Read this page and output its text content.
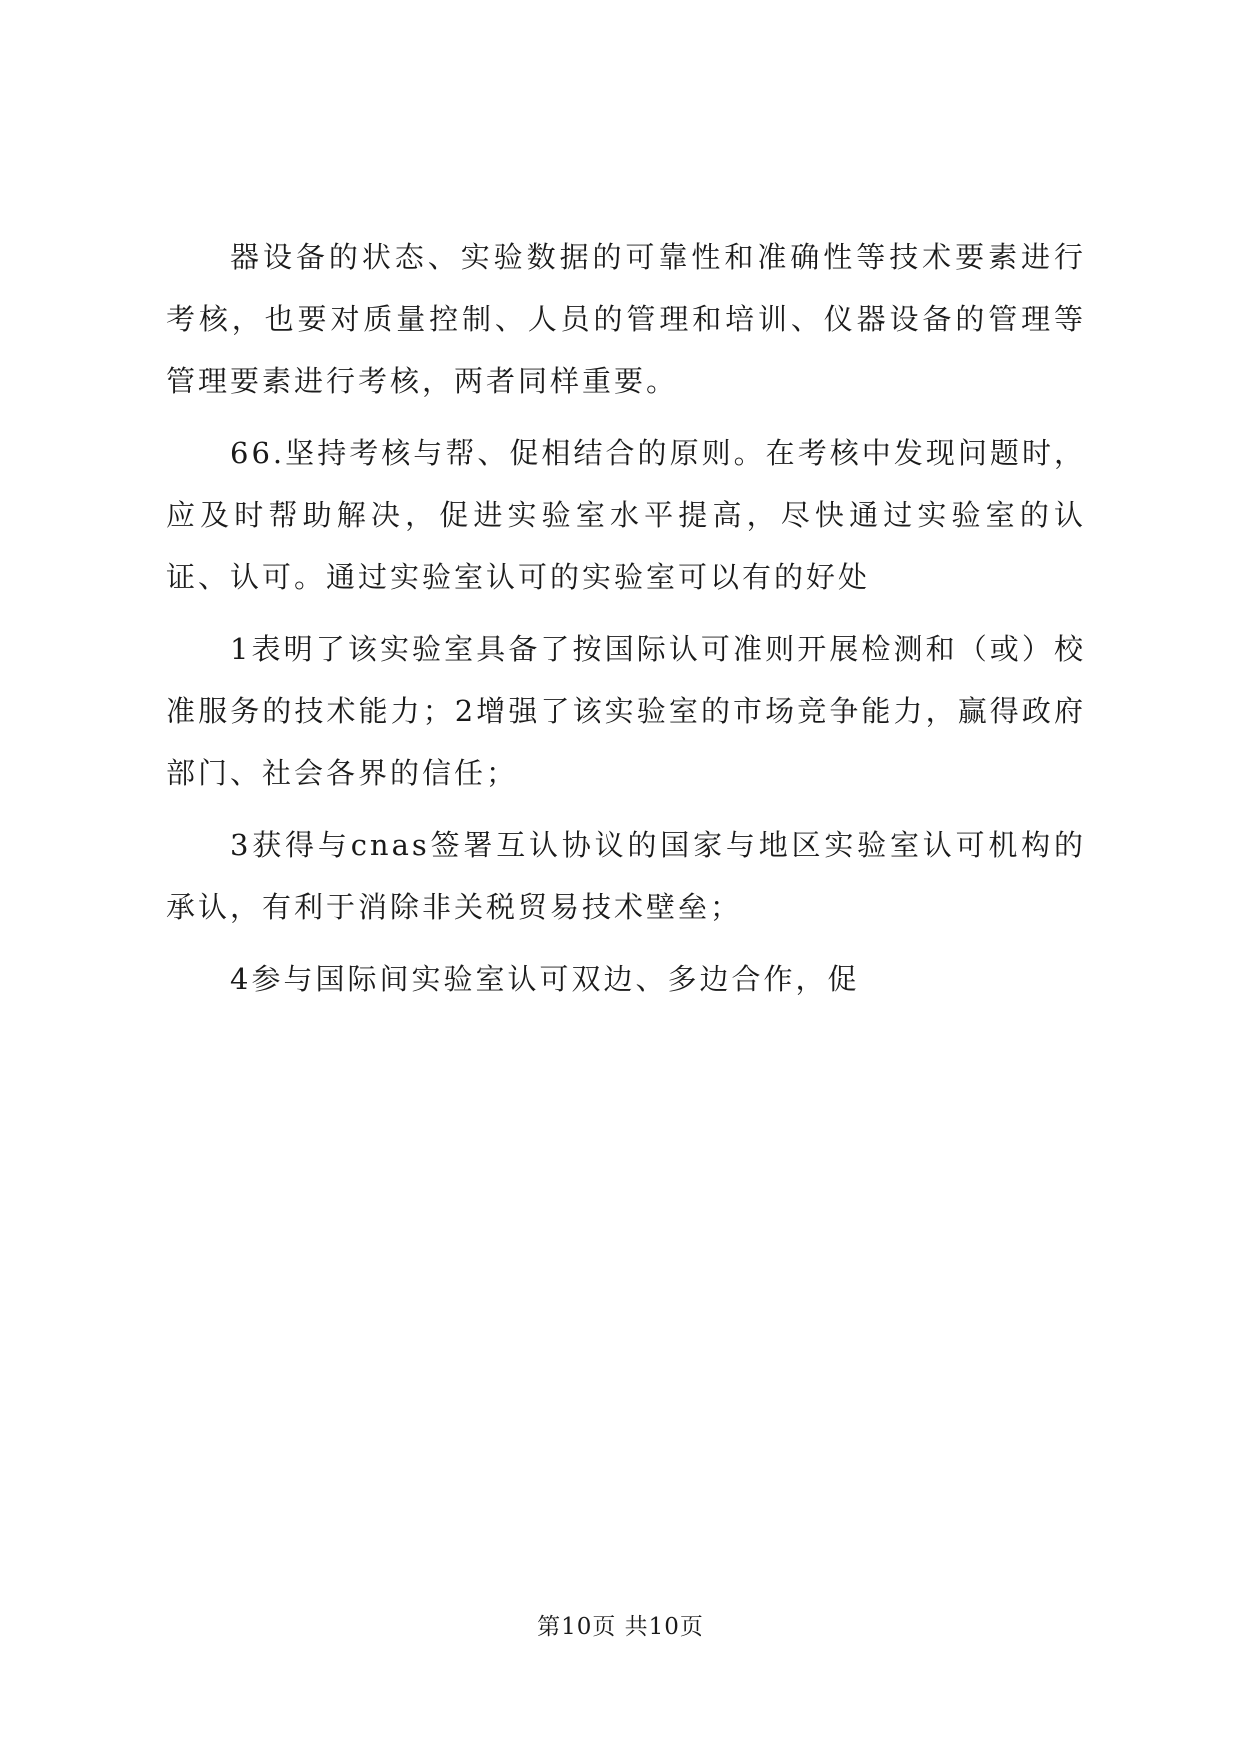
器设备的状态、实验数据的可靠性和准确性等技术要素进行考核，也要对质量控制、人员的管理和培训、仪器设备的管理等管理要素进行考核，两者同样重要。

66.坚持考核与帮、促相结合的原则。在考核中发现问题时，应及时帮助解决，促进实验室水平提高，尽快通过实验室的认证、认可。通过实验室认可的实验室可以有的好处

1表明了该实验室具备了按国际认可准则开展检测和（或）校准服务的技术能力；2增强了该实验室的市场竞争能力，赢得政府部门、社会各界的信任；

3获得与cnas签署互认协议的国家与地区实验室认可机构的承认，有利于消除非关税贸易技术壁垒；

4参与国际间实验室认可双边、多边合作，促

第10页 共10页
